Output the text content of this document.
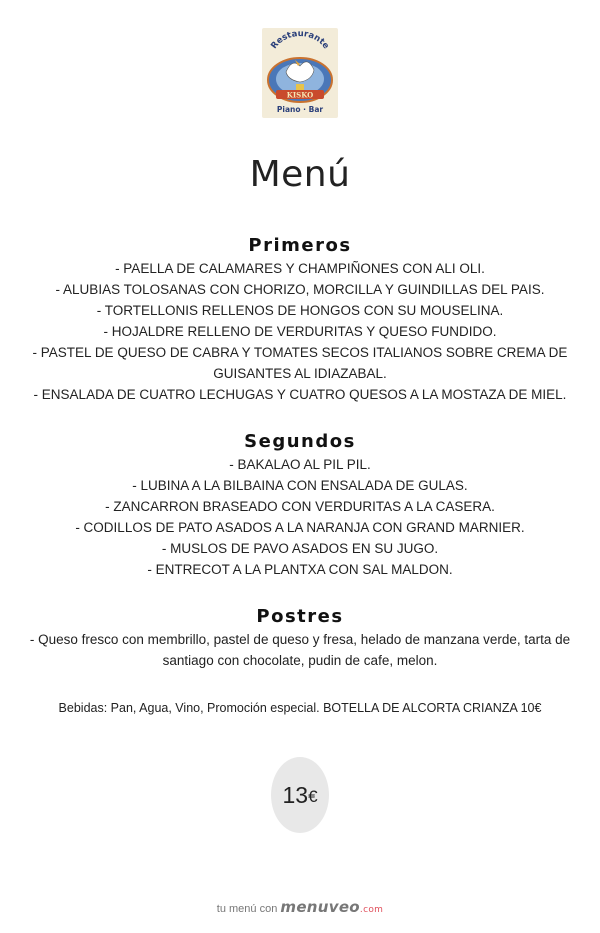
Restaurante
KISKO
Piano · Bar
Menú
Primeros
- PAELLA DE CALAMARES Y CHAMPIÑONES CON ALI OLI.
- ALUBIAS TOLOSANAS CON CHORIZO, MORCILLA Y GUINDILLAS DEL PAIS.
- TORTELLONIS RELLENOS DE HONGOS CON SU MOUSELINA.
- HOJALDRE RELLENO DE VERDURITAS Y QUESO FUNDIDO.
- PASTEL DE QUESO DE CABRA Y TOMATES SECOS ITALIANOS SOBRE CREMA DE
GUISANTES AL IDIAZABAL.
- ENSALADA DE CUATRO LECHUGAS Y CUATRO QUESOS A LA MOSTAZA DE MIEL.
Segundos
- BAKALAO AL PIL PIL.
- LUBINA A LA BILBAINA CON ENSALADA DE GULAS.
- ZANCARRON BRASEADO CON VERDURITAS A LA CASERA.
- CODILLOS DE PATO ASADOS A LA NARANJA CON GRAND MARNIER.
- MUSLOS DE PAVO ASADOS EN SU JUGO.
- ENTRECOT A LA PLANTXA CON SAL MALDON.
Postres
- Queso fresco con membrillo, pastel de queso y fresa, helado de manzana verde, tarta de
santiago con chocolate, pudin de cafe, melon.
Bebidas: Pan, Agua, Vino, Promoción especial. BOTELLA DE ALCORTA CRIANZA 10€
13 €
tu menú con menuveo.com
